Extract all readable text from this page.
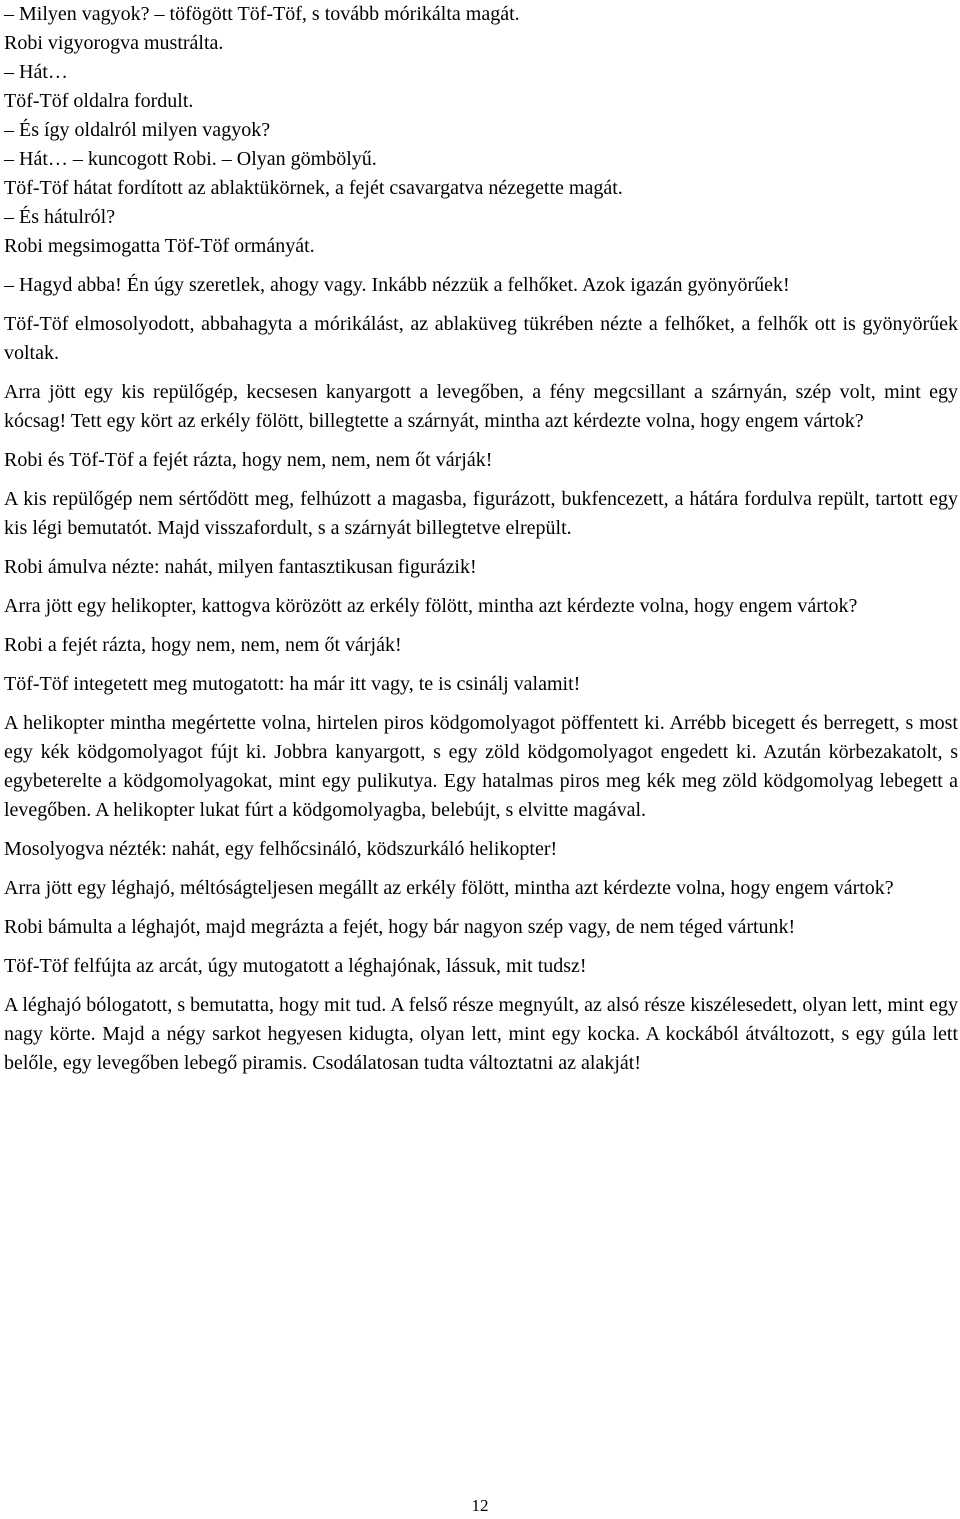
– Milyen vagyok? – töfögött Töf-Töf, s tovább mórikálta magát.

Robi vigyorogva mustrálta.

– Hát…

Töf-Töf oldalra fordult.

– És így oldalról milyen vagyok?

– Hát… – kuncogott Robi. – Olyan gömbölyű.

Töf-Töf hátat fordított az ablaktükörnek, a fejét csavargatva nézegette magát.

– És hátulról?

Robi megsimogatta Töf-Töf ormányát.

– Hagyd abba! Én úgy szeretlek, ahogy vagy. Inkább nézzük a felhőket. Azok igazán gyönyörűek!

Töf-Töf elmosolyodott, abbahagyta a mórikálást, az ablaküveg tükrében nézte a felhőket, a felhők ott is gyönyörűek voltak.

Arra jött egy kis repülőgép, kecsesen kanyargott a levegőben, a fény megcsillant a szárnyán, szép volt, mint egy kócsag! Tett egy kört az erkély fölött, billegtette a szárnyát, mintha azt kérdezte volna, hogy engem vártok?

Robi és Töf-Töf a fejét rázta, hogy nem, nem, nem őt várják!

A kis repülőgép nem sértődött meg, felhúzott a magasba, figurázott, bukfencezett, a hátára fordulva repült, tartott egy kis légi bemutatót. Majd visszafordult, s a szárnyát billegtetve elrepült.

Robi ámulva nézte: nahát, milyen fantasztikusan figurázik!

Arra jött egy helikopter, kattogva körözött az erkély fölött, mintha azt kérdezte volna, hogy engem vártok?

Robi a fejét rázta, hogy nem, nem, nem őt várják!

Töf-Töf integetett meg mutogatott: ha már itt vagy, te is csinálj valamit!

A helikopter mintha megértette volna, hirtelen piros ködgomolyagot pöffentett ki. Arrébb bicegett és berregett, s most egy kék ködgomolyagot fújt ki. Jobbra kanyargott, s egy zöld ködgomolyagot engedett ki. Azután körbezakatolt, s egybeterelte a ködgomolyagokat, mint egy pulikutya. Egy hatalmas piros meg kék meg zöld ködgomolyag lebegett a levegőben. A helikopter lukat fúrt a ködgomolyagba, belebújt, s elvitte magával.

Mosolyogva nézték: nahát, egy felhőcsináló, ködszurkáló helikopter!

Arra jött egy léghajó, méltóságteljesen megállt az erkély fölött, mintha azt kérdezte volna, hogy engem vártok?

Robi bámulta a léghajót, majd megrázta a fejét, hogy bár nagyon szép vagy, de nem téged vártunk!

Töf-Töf felfújta az arcát, úgy mutogatott a léghajónak, lássuk, mit tudsz!

A léghajó bólogatott, s bemutatta, hogy mit tud. A felső része megnyúlt, az alsó része kiszélesedett, olyan lett, mint egy nagy körte. Majd a négy sarkot hegyesen kidugta, olyan lett, mint egy kocka. A kockából átváltozott, s egy gúla lett belőle, egy levegőben lebegő piramis. Csodálatosan tudta változtatni az alakját!

12
